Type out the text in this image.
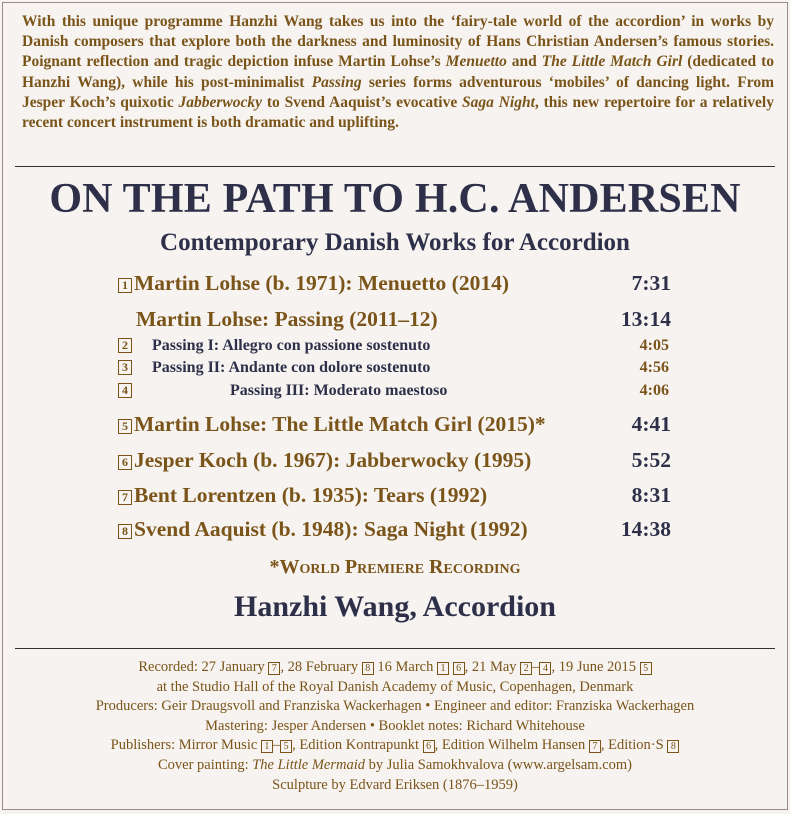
With this unique programme Hanzhi Wang takes us into the ‘fairy-tale world of the accordion’ in works by Danish composers that explore both the darkness and luminosity of Hans Christian Andersen’s famous stories. Poignant reflection and tragic depiction infuse Martin Lohse’s Menuetto and The Little Match Girl (dedicated to Hanzhi Wang), while his post-minimalist Passing series forms adventurous ‘mobiles’ of dancing light. From Jesper Koch’s quixotic Jabberwocky to Svend Aaquist’s evocative Saga Night, this new repertoire for a relatively recent concert instrument is both dramatic and uplifting.
ON THE PATH TO H.C. ANDERSEN
Contemporary Danish Works for Accordion
1 Martin Lohse (b. 1971): Menuetto (2014)	7:31
Martin Lohse: Passing (2011–12)	13:14
2 Passing I: Allegro con passione sostenuto	4:05
3 Passing II: Andante con dolore sostenuto	4:56
4	Passing III: Moderato maestoso	4:06
5 Martin Lohse: The Little Match Girl (2015)*	4:41
6 Jesper Koch (b. 1967): Jabberwocky (1995)	5:52
7 Bent Lorentzen (b. 1935): Tears (1992)	8:31
8 Svend Aaquist (b. 1948): Saga Night (1992)	14:38
*World Premiere Recording
Hanzhi Wang, Accordion
Recorded: 27 January 7 , 28 February 8 16 March 1 6 , 21 May 2 – 4 , 19 June 2015 5
at the Studio Hall of the Royal Danish Academy of Music, Copenhagen, Denmark
Producers: Geir Draugsvoll and Franziska Wackerhagen • Engineer and editor: Franziska Wackerhagen
Mastering: Jesper Andersen • Booklet notes: Richard Whitehouse
Publishers: Mirror Music 1 – 5 , Edition Kontrapunkt 6 , Edition Wilhelm Hansen 7 , Edition·S 8
Cover painting: The Little Mermaid by Julia Samokhvalova (www.argelsam.com)
Sculpture by Edvard Eriksen (1876–1959)
